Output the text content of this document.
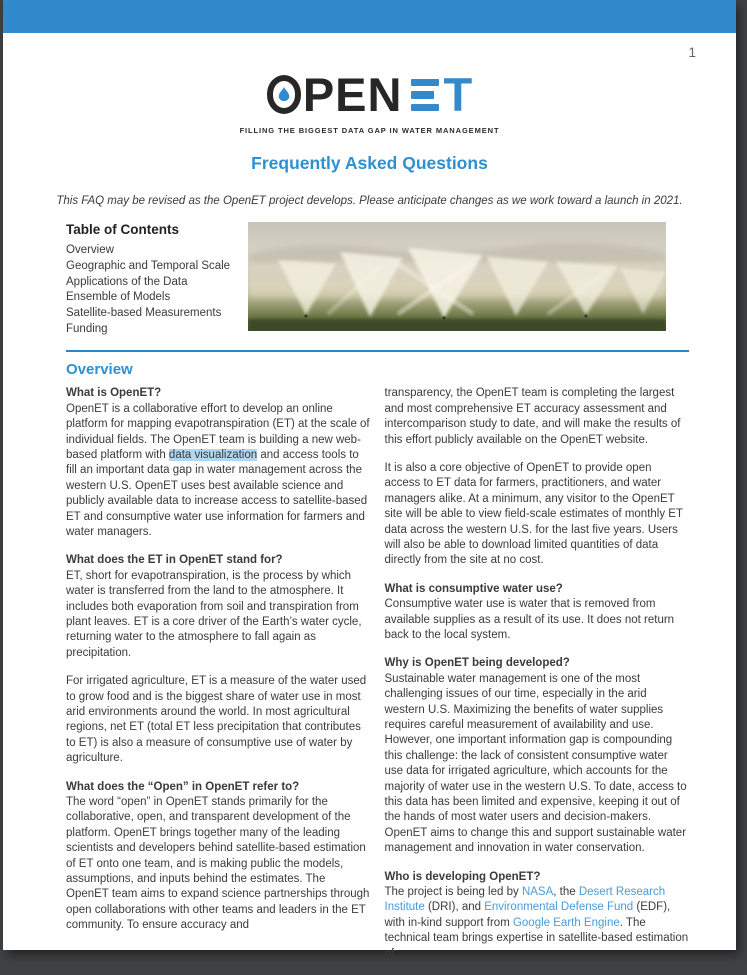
1
PEN T
FILLING THE BIGGEST DATA GAP IN WATER MANAGEMENT
Frequently Asked Questions
This FAQ may be revised as the OpenET project develops. Please anticipate changes as we work toward a launch in 2021.
Table of Contents
Overview
Geographic and Temporal Scale
Applications of the Data
Ensemble of Models
Satellite-based Measurements
Funding
Overview
What is OpenET?

OpenET is a collaborative effort to develop an online platform for mapping evapotranspiration (ET) at the scale of individual fields. The OpenET team is building a new web-based platform with data visualization and access tools to fill an important data gap in water management across the western U.S. OpenET uses best available science and publicly available data to increase access to satellite-based ET and consumptive water use information for farmers and water managers.

What does the ET in OpenET stand for?

ET, short for evapotranspiration, is the process by which water is transferred from the land to the atmosphere. It includes both evaporation from soil and transpiration from plant leaves. ET is a core driver of the Earth’s water cycle, returning water to the atmosphere to fall again as precipitation.

For irrigated agriculture, ET is a measure of the water used to grow food and is the biggest share of water use in most arid environments around the world. In most agricultural regions, net ET (total ET less precipitation that contributes to ET) is also a measure of consumptive use of water by agriculture.

What does the “Open” in OpenET refer to?

The word “open” in OpenET stands primarily for the collaborative, open, and transparent development of the platform. OpenET brings together many of the leading scientists and developers behind satellite-based estimation of ET onto one team, and is making public the models, assumptions, and inputs behind the estimates. The OpenET team aims to expand science partnerships through open collaborations with other teams and leaders in the ET community. To ensure accuracy and

transparency, the OpenET team is completing the largest and most comprehensive ET accuracy assessment and intercomparison study to date, and will make the results of this effort publicly available on the OpenET website.

It is also a core objective of OpenET to provide open access to ET data for farmers, practitioners, and water managers alike. At a minimum, any visitor to the OpenET site will be able to view field-scale estimates of monthly ET data across the western U.S. for the last five years. Users will also be able to download limited quantities of data directly from the site at no cost.

What is consumptive water use?

Consumptive water use is water that is removed from available supplies as a result of its use. It does not return back to the local system.

Why is OpenET being developed?

Sustainable water management is one of the most challenging issues of our time, especially in the arid western U.S. Maximizing the benefits of water supplies requires careful measurement of availability and use. However, one important information gap is compounding this challenge: the lack of consistent consumptive water use data for irrigated agriculture, which accounts for the majority of water use in the western U.S. To date, access to this data has been limited and expensive, keeping it out of the hands of most water users and decision-makers. OpenET aims to change this and support sustainable water management and innovation in water conservation.

Who is developing OpenET?

The project is being led by NASA, the Desert Research Institute (DRI), and Environmental Defense Fund (EDF), with in-kind support from Google Earth Engine. The technical team brings expertise in satellite-based estimation of
